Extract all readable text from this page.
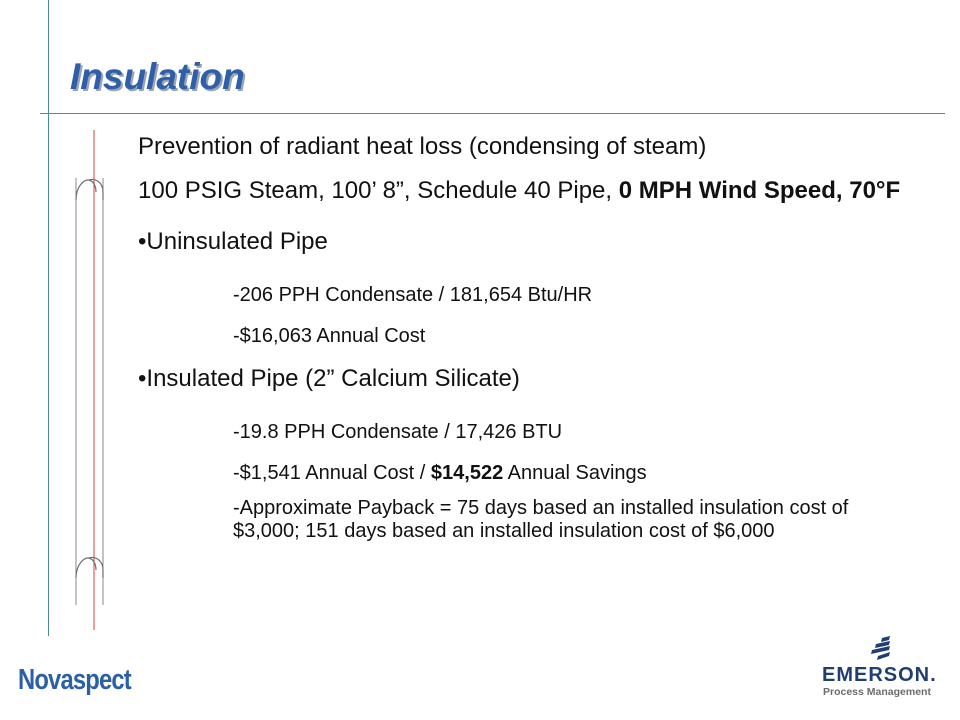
Insulation

Prevention of radiant heat loss (condensing of steam)

100 PSIG Steam, 100’ 8”, Schedule 40 Pipe, 0 MPH Wind Speed, 70°F

•Uninsulated Pipe

-206 PPH Condensate / 181,654 Btu/HR

-$16,063 Annual Cost

•Insulated Pipe (2” Calcium Silicate)

-19.8 PPH Condensate / 17,426 BTU

-$1,541 Annual Cost / $14,522 Annual Savings

-Approximate Payback = 75 days based an installed insulation cost of $3,000; 151 days based an installed insulation cost of $6,000

Novaspect	EMERSON.
Process Management
